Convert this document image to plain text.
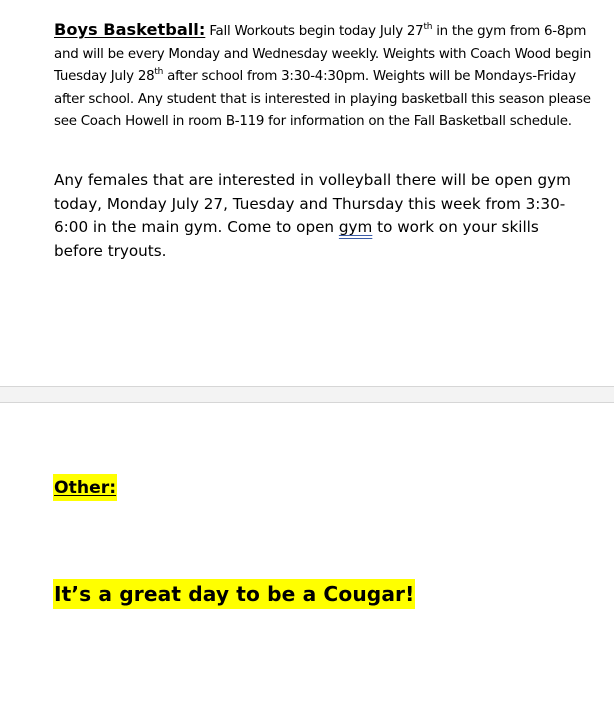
Boys Basketball: Fall Workouts begin today July 27th in the gym from 6-8pm and will be every Monday and Wednesday weekly. Weights with Coach Wood begin Tuesday July 28th after school from 3:30-4:30pm. Weights will be Mondays-Friday after school. Any student that is interested in playing basketball this season please see Coach Howell in room B-119 for information on the Fall Basketball schedule.

Any females that are interested in volleyball there will be open gym today, Monday July 27, Tuesday and Thursday this week from 3:30-6:00 in the main gym. Come to open gym to work on your skills before tryouts.

Other:

It’s a great day to be a Cougar!
